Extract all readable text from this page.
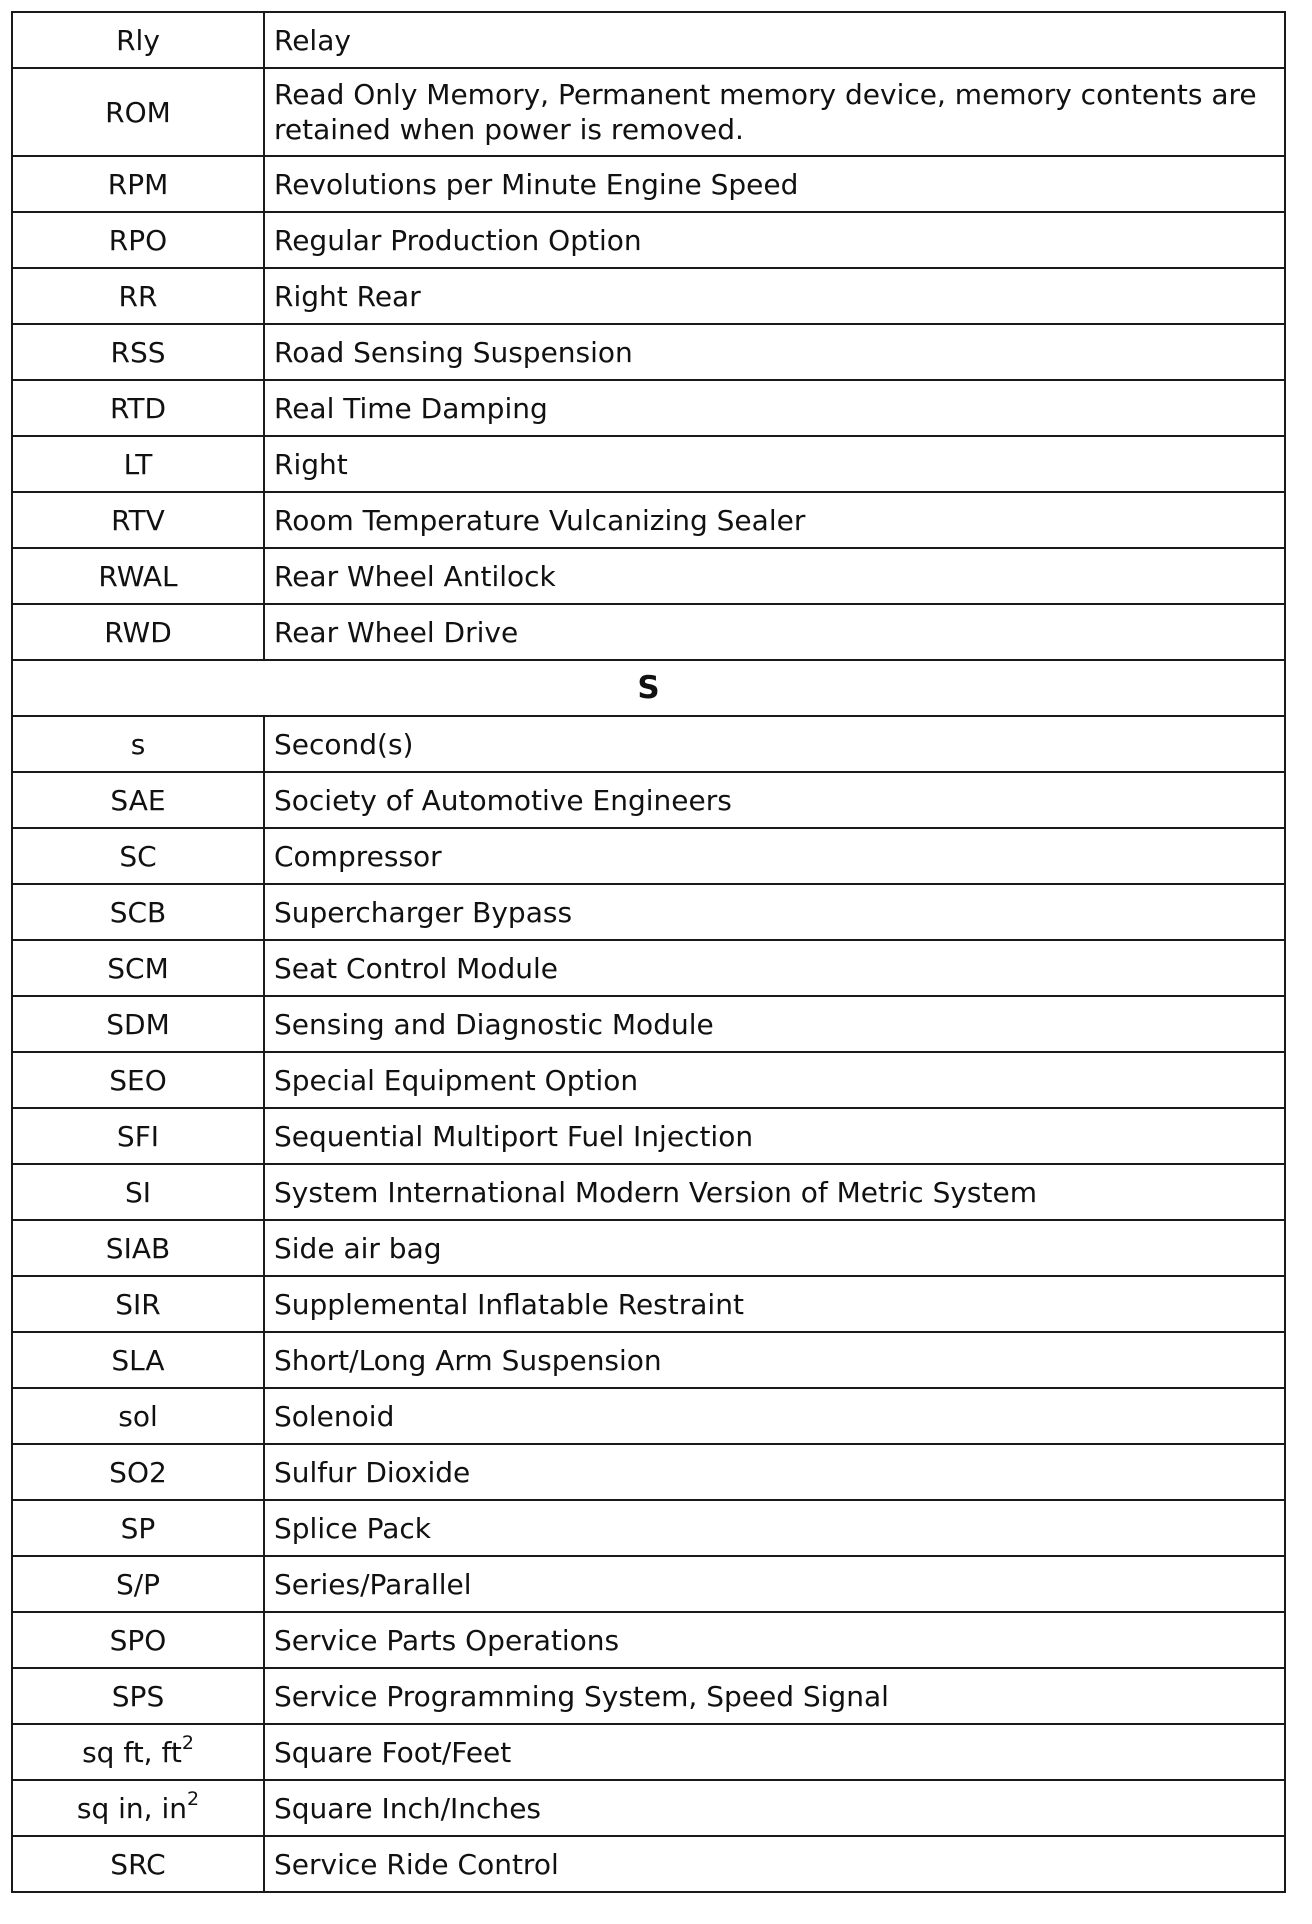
Rly	Relay
ROM	Read Only Memory, Permanent memory device, memory contents are retained when power is removed.
RPM	Revolutions per Minute Engine Speed
RPO	Regular Production Option
RR	Right Rear
RSS	Road Sensing Suspension
RTD	Real Time Damping
LT	Right
RTV	Room Temperature Vulcanizing Sealer
RWAL	Rear Wheel Antilock
RWD	Rear Wheel Drive
S	
s	Second(s)
SAE	Society of Automotive Engineers
SC	Compressor
SCB	Supercharger Bypass
SCM	Seat Control Module
SDM	Sensing and Diagnostic Module
SEO	Special Equipment Option
SFI	Sequential Multiport Fuel Injection
SI	System International Modern Version of Metric System
SIAB	Side air bag
SIR	Supplemental Inflatable Restraint
SLA	Short/Long Arm Suspension
sol	Solenoid
SO2	Sulfur Dioxide
SP	Splice Pack
S/P	Series/Parallel
SPO	Service Parts Operations
SPS	Service Programming System, Speed Signal
sq ft, $ft^2$	Square Foot/Feet
sq in, $in^2$	Square Inch/Inches
SRC	Service Ride Control
